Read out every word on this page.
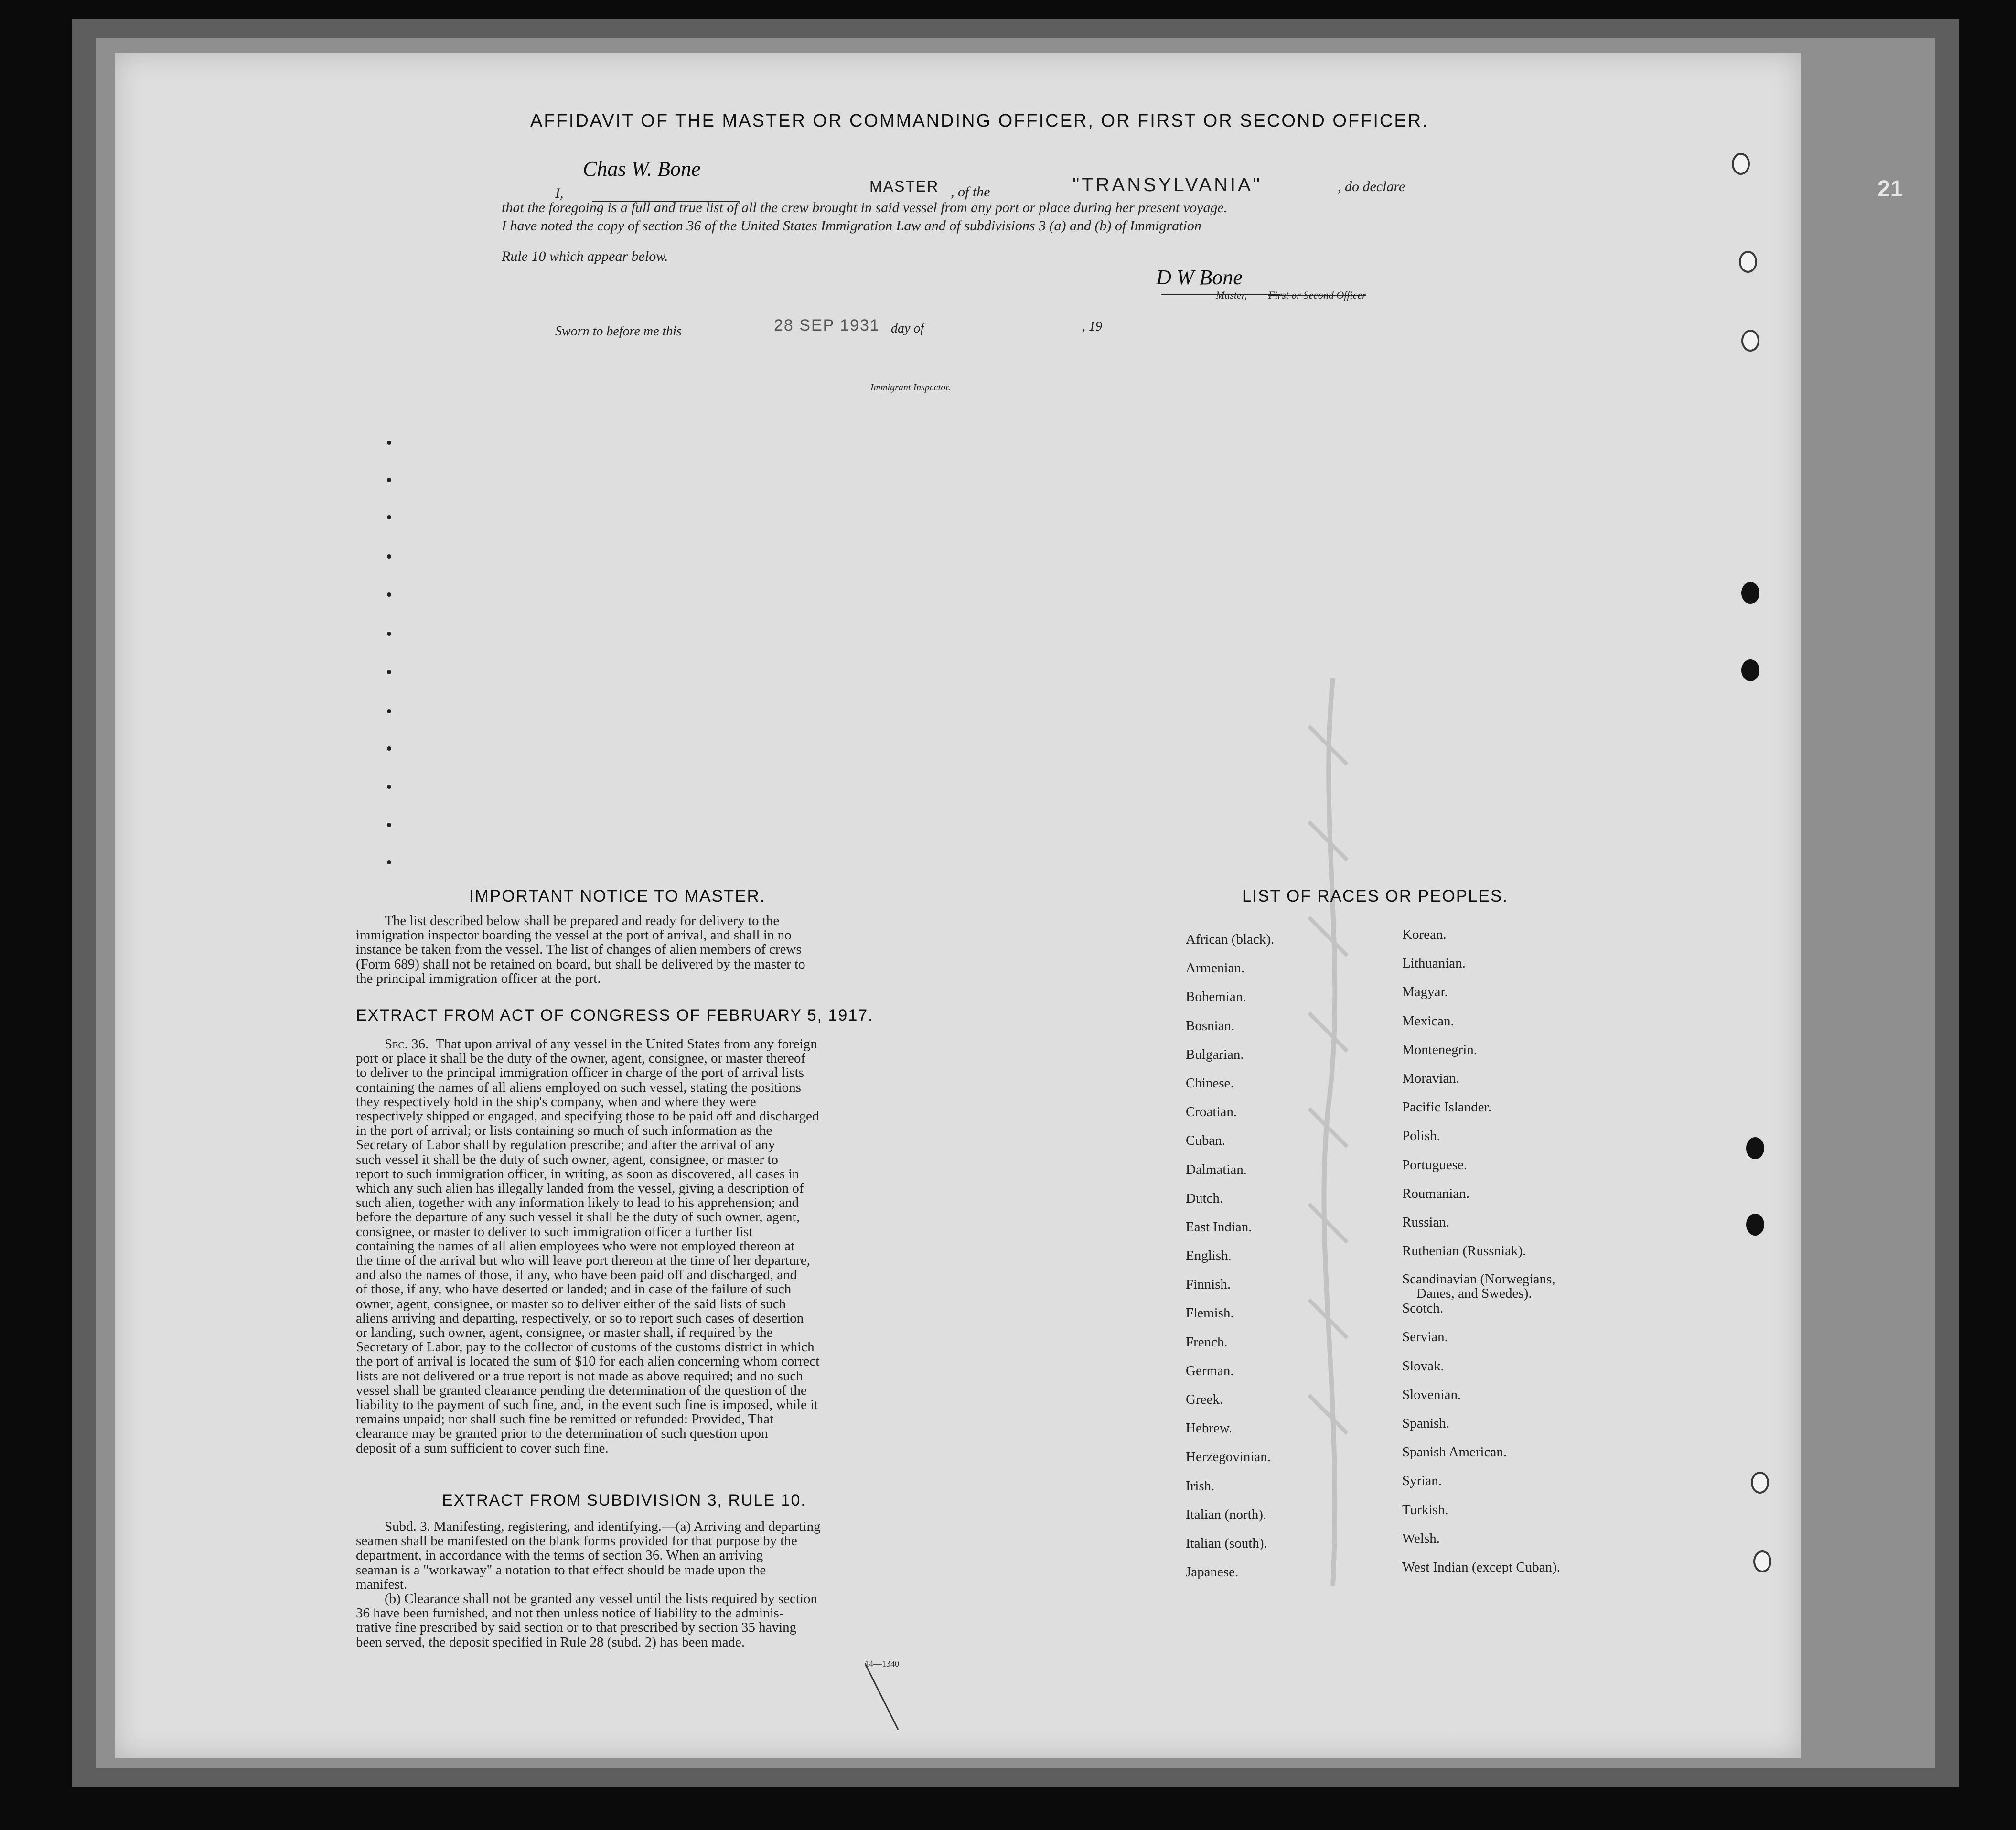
21
AFFIDAVIT OF THE MASTER OR COMMANDING OFFICER, OR FIRST OR SECOND OFFICER.
I,
Chas W. Bone
MASTER , of the	"TRANSYLVANIA"	, do declare
that the foregoing is a full and true list of all the crew brought in said vessel from any port or place during her present voyage.
I have noted the copy of section 36 of the United States Immigration Law and of subdivisions 3 (a) and (b) of Immigration
Rule 10 which appear below.
D W Bone
Master, First or Second Officer
Sworn to before me this	28 SEP 1931 day of	, 19
Immigrant Inspector.
IMPORTANT NOTICE TO MASTER.
The list described below shall be prepared and ready for delivery to the
immigration inspector boarding the vessel at the port of arrival, and shall in no
instance be taken from the vessel. The list of changes of alien members of crews
(Form 689) shall not be retained on board, but shall be delivered by the master to
the principal immigration officer at the port.
EXTRACT FROM ACT OF CONGRESS OF FEBRUARY 5, 1917.
Sec. 36. That upon arrival of any vessel in the United States from any foreign
port or place it shall be the duty of the owner, agent, consignee, or master thereof
to deliver to the principal immigration officer in charge of the port of arrival lists
containing the names of all aliens employed on such vessel, stating the positions
they respectively hold in the ship's company, when and where they were
respectively shipped or engaged, and specifying those to be paid off and discharged
in the port of arrival; or lists containing so much of such information as the
Secretary of Labor shall by regulation prescribe; and after the arrival of any
such vessel it shall be the duty of such owner, agent, consignee, or master to
report to such immigration officer, in writing, as soon as discovered, all cases in
which any such alien has illegally landed from the vessel, giving a description of
such alien, together with any information likely to lead to his apprehension; and
before the departure of any such vessel it shall be the duty of such owner, agent,
consignee, or master to deliver to such immigration officer a further list
containing the names of all alien employees who were not employed thereon at
the time of the arrival but who will leave port thereon at the time of her departure,
and also the names of those, if any, who have been paid off and discharged, and
of those, if any, who have deserted or landed; and in case of the failure of such
owner, agent, consignee, or master so to deliver either of the said lists of such
aliens arriving and departing, respectively, or so to report such cases of desertion
or landing, such owner, agent, consignee, or master shall, if required by the
Secretary of Labor, pay to the collector of customs of the customs district in which
the port of arrival is located the sum of $10 for each alien concerning whom correct
lists are not delivered or a true report is not made as above required; and no such
vessel shall be granted clearance pending the determination of the question of the
liability to the payment of such fine, and, in the event such fine is imposed, while it
remains unpaid; nor shall such fine be remitted or refunded: Provided, That
clearance may be granted prior to the determination of such question upon
deposit of a sum sufficient to cover such fine.
EXTRACT FROM SUBDIVISION 3, RULE 10.
Subd. 3. Manifesting, registering, and identifying.—(a) Arriving and departing
seamen shall be manifested on the blank forms provided for that purpose by the
department, in accordance with the terms of section 36. When an arriving
seaman is a "workaway" a notation to that effect should be made upon the
manifest.
(b) Clearance shall not be granted any vessel until the lists required by section
36 have been furnished, and not then unless notice of liability to the adminis-
trative fine prescribed by said section or to that prescribed by section 35 having
been served, the deposit specified in Rule 28 (subd. 2) has been made.
14—1340
LIST OF RACES OR PEOPLES.
African (black).
Armenian.
Bohemian.
Bosnian.
Bulgarian.
Chinese.
Croatian.
Cuban.
Dalmatian.
Dutch.
East Indian.
English.
Finnish.
Flemish.
French.
German.
Greek.
Hebrew.
Herzegovinian.
Irish.
Italian (north).
Italian (south).
Japanese.
Korean.
Lithuanian.
Magyar.
Mexican.
Montenegrin.
Moravian.
Pacific Islander.
Polish.
Portuguese.
Roumanian.
Russian.
Ruthenian (Russniak).
Scandinavian (Norwegians,
Danes, and Swedes).
Scotch.
Servian.
Slovak.
Slovenian.
Spanish.
Spanish American.
Syrian.
Turkish.
Welsh.
West Indian (except Cuban).
is punishable by a fine of Ten Dollars for each alien. See other side.
